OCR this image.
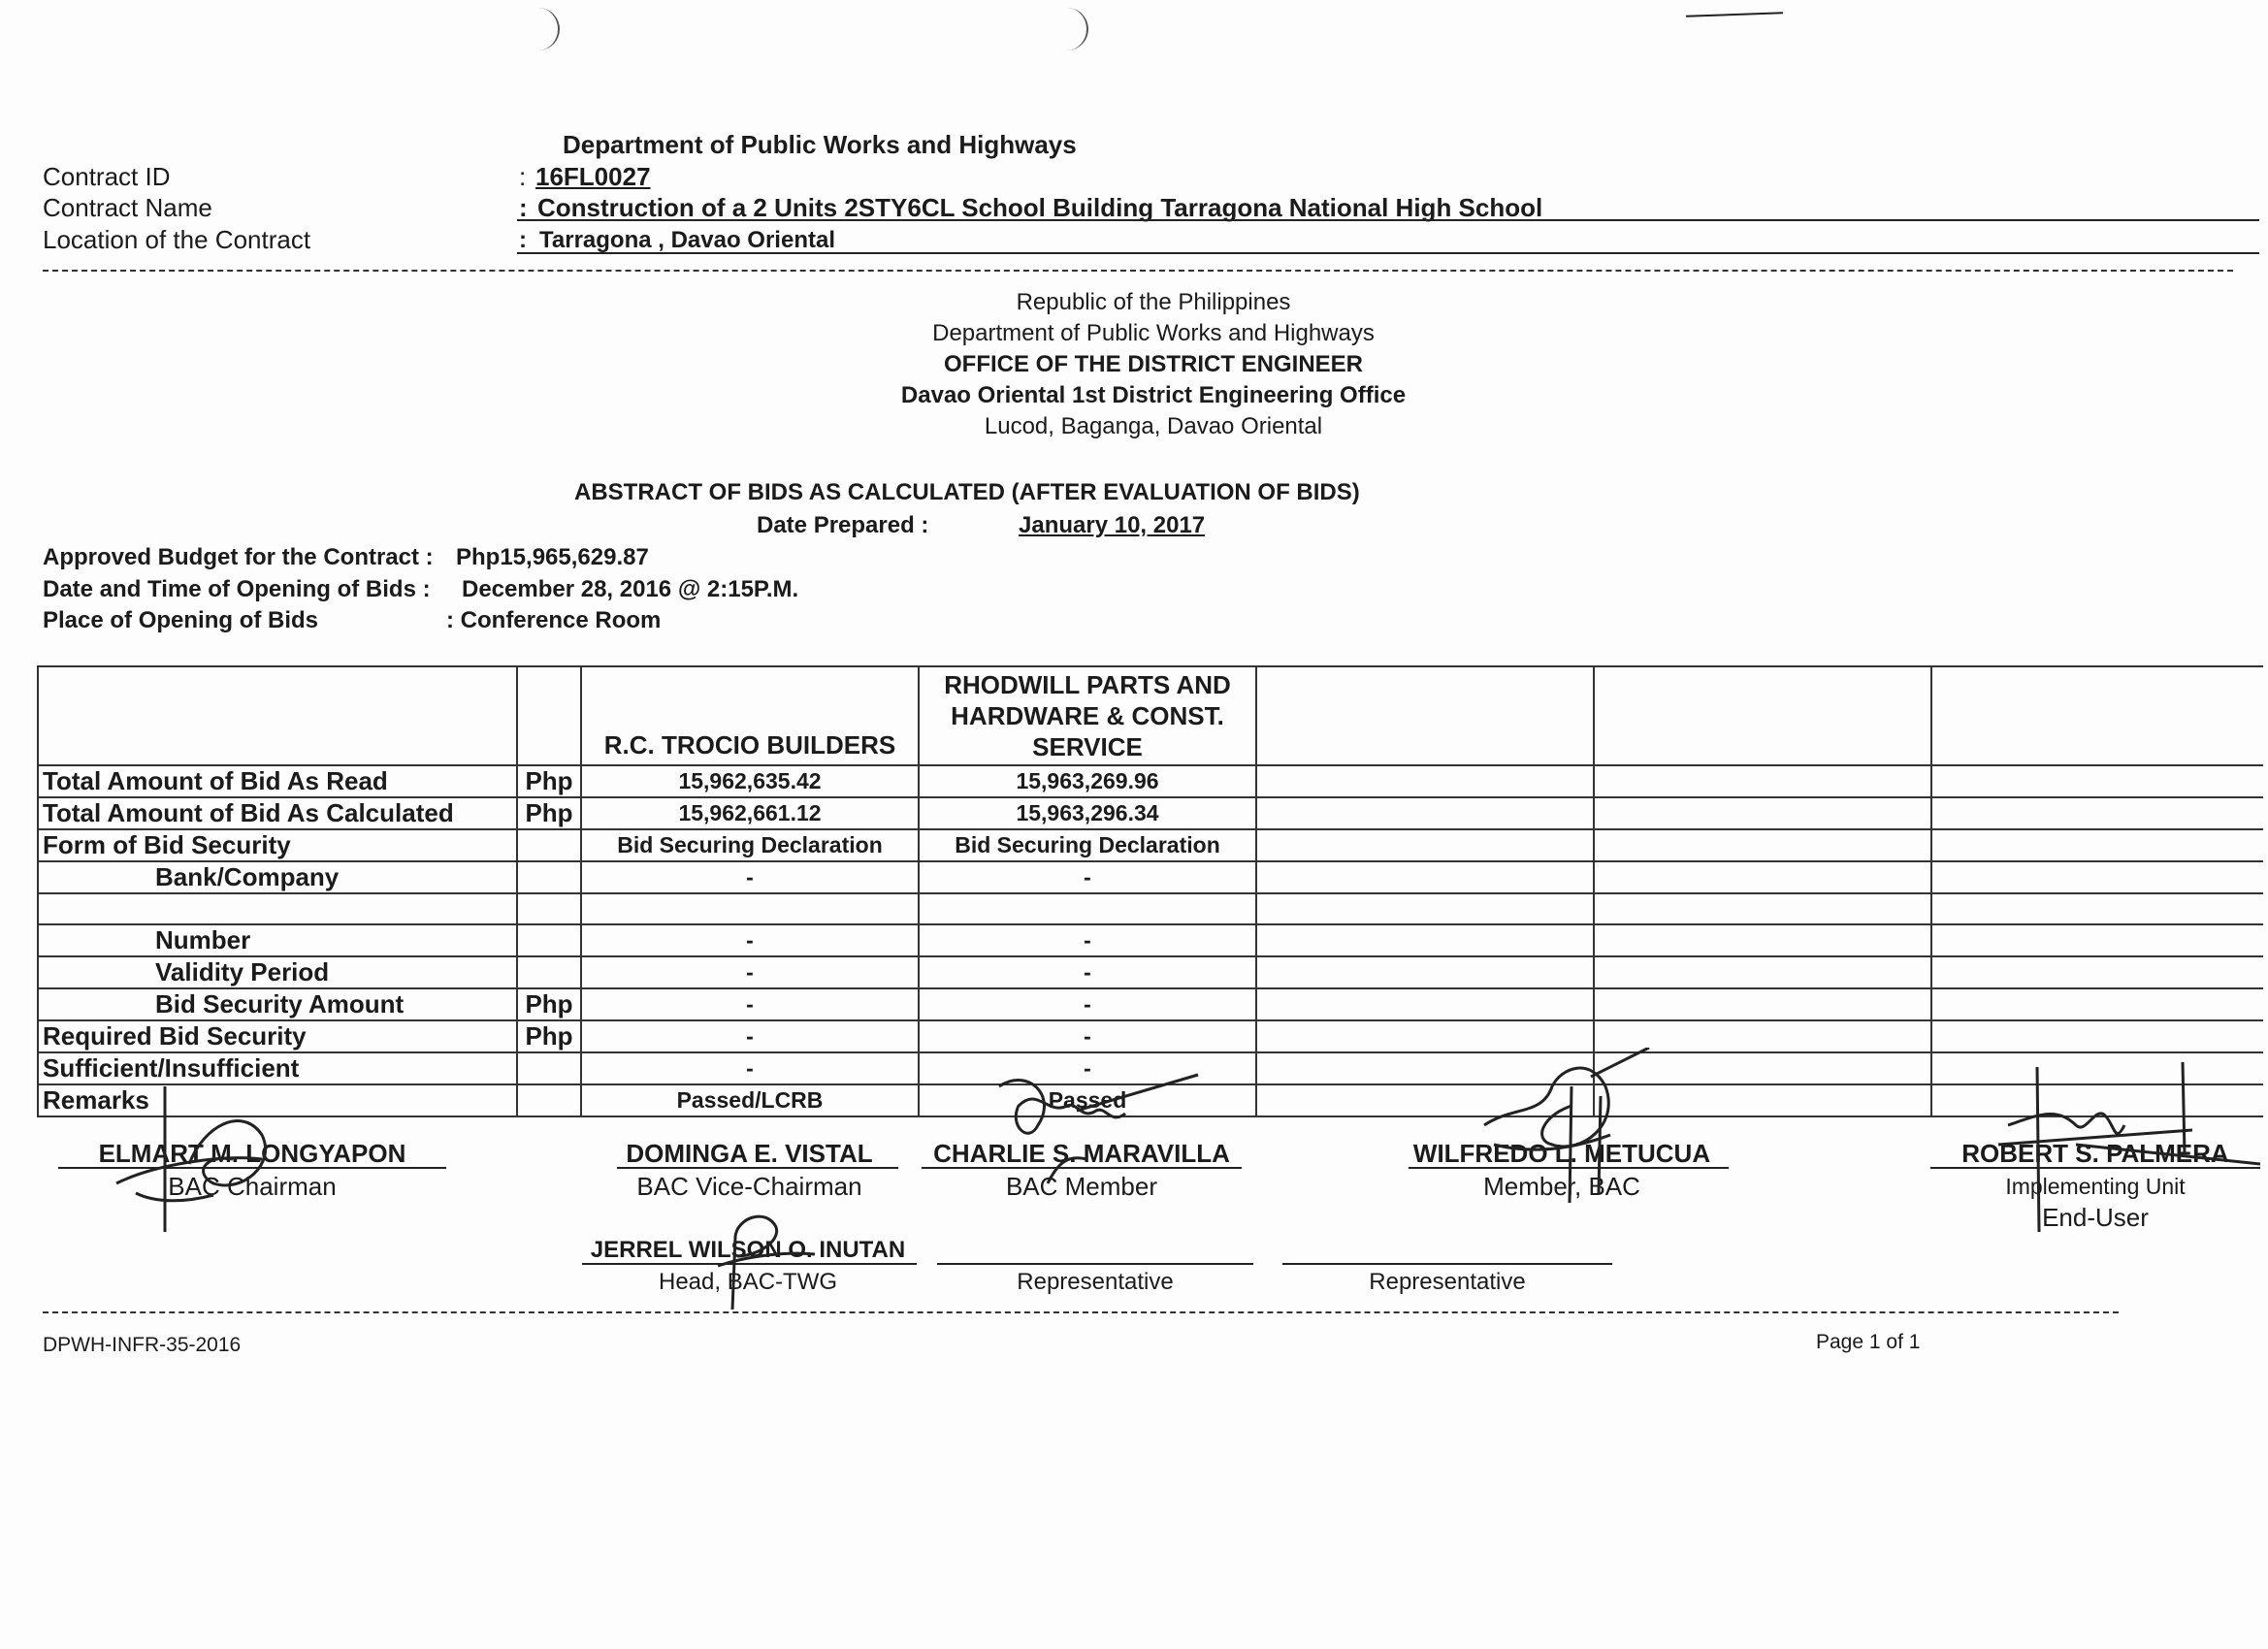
Department of Public Works and Highways
Contract ID	: 16FL0027
Contract Name	: Construction of a 2 Units 2STY6CL School Building Tarragona National High School
Location of the Contract	: Tarragona , Davao Oriental
Republic of the Philippines
Department of Public Works and Highways
OFFICE OF THE DISTRICT ENGINEER
Davao Oriental 1st District Engineering Office
Lucod, Baganga, Davao Oriental
ABSTRACT OF BIDS AS CALCULATED (AFTER EVALUATION OF BIDS)
Date Prepared :	January 10, 2017
Approved Budget for the Contract : Php15,965,629.87
Date and Time of Opening of Bids : December 28, 2016 @ 2:15P.M.
Place of Opening of Bids	: Conference Room
		R.C. TROCIO BUILDERS	RHODWILL PARTS AND HARDWARE & CONST. SERVICE			
Total Amount of Bid As Read	Php	15,962,635.42	15,963,269.96			
Total Amount of Bid As Calculated	Php	15,962,661.12	15,963,296.34			
Form of Bid Security		Bid Securing Declaration	Bid Securing Declaration			
Bank/Company		-	-			

Number		-	-			
Validity Period		-	-			
Bid Security Amount	Php	-	-			
Required Bid Security	Php	-	-			
Sufficient/Insufficient		-	-			
Remarks		Passed/LCRB	Passed			
ELMART M. LONGYAPON
BAC Chairman
DOMINGA E. VISTAL
BAC Vice-Chairman
CHARLIE S. MARAVILLA
BAC Member
WILFREDO L. METUCUA
Member, BAC
ROBERT S. PALMERA
Implementing Unit
End-User
JERREL WILSON O. INUTAN
Head, BAC-TWG	Representative	Representative
DPWH-INFR-35-2016	Page 1 of 1
